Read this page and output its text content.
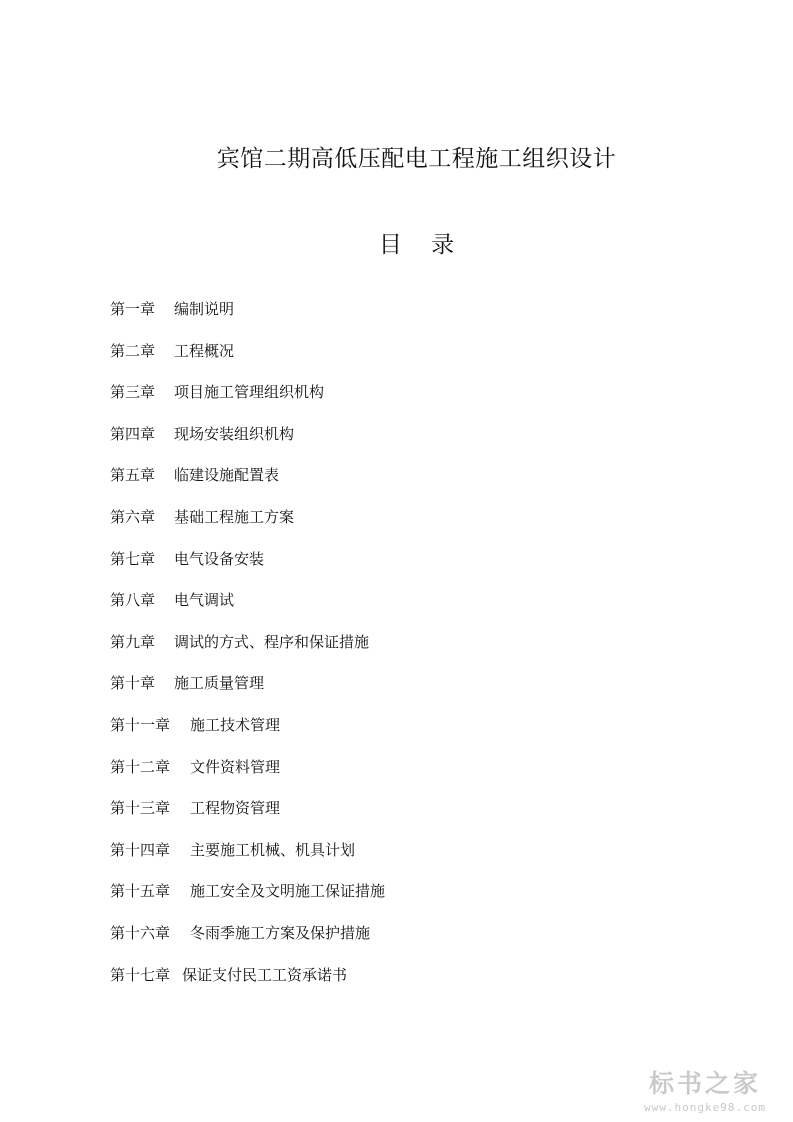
宾馆二期高低压配电工程施工组织设计
目    录
第一章 编制说明
第二章 工程概况
第三章 项目施工管理组织机构
第四章 现场安装组织机构
第五章 临建设施配置表
第六章 基础工程施工方案
第七章 电气设备安装
第八章 电气调试
第九章 调试的方式、程序和保证措施
第十章 施工质量管理
第十一章 施工技术管理
第十二章 文件资料管理
第十三章 工程物资管理
第十四章 主要施工机械、机具计划
第十五章 施工安全及文明施工保证措施
第十六章 冬雨季施工方案及保护措施
第十七章 保证支付民工工资承诺书
标书之家
www.hongke98.com
